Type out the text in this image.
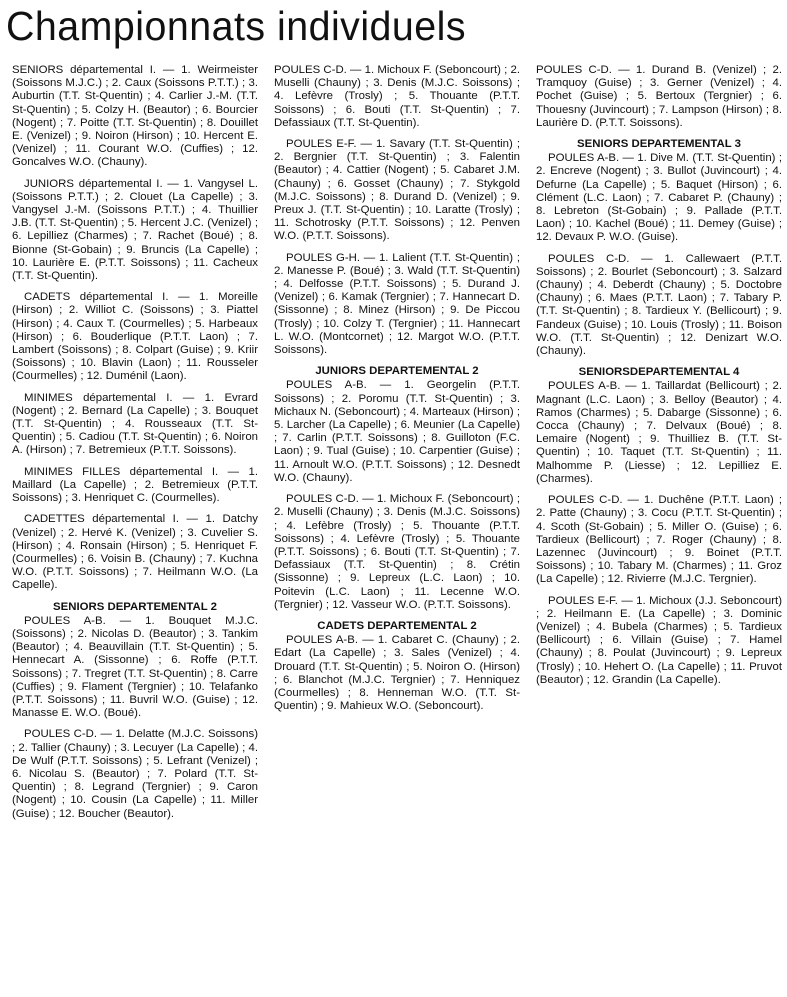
Championnats individuels

SENIORS départemental I. — 1. Weirmeister (Soissons M.J.C.) ; 2. Caux (Soissons P.T.T.) ; 3. Auburtin (T.T. St-Quentin) ; 4. Carlier J.-M. (T.T. St-Quentin) ; 5. Colzy H. (Beautor) ; 6. Bourcier (Nogent) ; 7. Poitte (T.T. St-Quentin) ; 8. Douillet E. (Venizel) ; 9. Noiron (Hirson) ; 10. Hercent E. (Venizel) ; 11. Courant W.O. (Cuffies) ; 12. Goncalves W.O. (Chauny).

JUNIORS départemental I. — 1. Vangysel L. (Soissons P.T.T.) ; 2. Clouet (La Capelle) ; 3. Vangysel J.-M. (Soissons P.T.T.) ; 4. Thuillier J.B. (T.T. St-Quentin) ; 5. Hercent J.C. (Venizel) ; 6. Lepilliez (Charmes) ; 7. Rachet (Boué) ; 8. Bionne (St-Gobain) ; 9. Bruncis (La Capelle) ; 10. Laurière E. (P.T.T. Soissons) ; 11. Cacheux (T.T. St-Quentin).

CADETS départemental I. — 1. Moreille (Hirson) ; 2. Williot C. (Soissons) ; 3. Piattel (Hirson) ; 4. Caux T. (Courmelles) ; 5. Harbeaux (Hirson) ; 6. Bouderlique (P.T.T. Laon) ; 7. Lambert (Soissons) ; 8. Colpart (Guise) ; 9. Kriir (Soissons) ; 10. Blavin (Laon) ; 11. Rousseler (Courmelles) ; 12. Duménil (Laon).

MINIMES départemental I. — 1. Evrard (Nogent) ; 2. Bernard (La Capelle) ; 3. Bouquet (T.T. St-Quentin) ; 4. Rousseaux (T.T. St-Quentin) ; 5. Cadiou (T.T. St-Quentin) ; 6. Noiron A. (Hirson) ; 7. Betremieux (P.T.T. Soissons).

MINIMES FILLES départemental I. — 1. Maillard (La Capelle) ; 2. Betremieux (P.T.T. Soissons) ; 3. Henriquet C. (Courmelles).

CADETTES départemental I. — 1. Datchy (Venizel) ; 2. Hervé K. (Venizel) ; 3. Cuvelier S. (Hirson) ; 4. Ronsain (Hirson) ; 5. Henriquet F. (Courmelles) ; 6. Voisin B. (Chauny) ; 7. Kuchna W.O. (P.T.T. Soissons) ; 7. Heilmann W.O. (La Capelle).

SENIORS DEPARTEMENTAL 2

POULES A-B. — 1. Bouquet M.J.C. (Soissons) ; 2. Nicolas D. (Beautor) ; 3. Tankim (Beautor) ; 4. Beauvillain (T.T. St-Quentin) ; 5. Hennecart A. (Sissonne) ; 6. Roffe (P.T.T. Soissons) ; 7. Tregret (T.T. St-Quentin) ; 8. Carre (Cuffies) ; 9. Flament (Tergnier) ; 10. Telafanko (P.T.T. Soissons) ; 11. Buvril W.O. (Guise) ; 12. Manasse E. W.O. (Boué).

POULES C-D. — 1. Delatte (M.J.C. Soissons) ; 2. Tallier (Chauny) ; 3. Lecuyer (La Capelle) ; 4. De Wulf (P.T.T. Soissons) ; 5. Lefrant (Venizel) ; 6. Nicolau S. (Beautor) ; 7. Polard (T.T. St-Quentin) ; 8. Legrand (Tergnier) ; 9. Caron (Nogent) ; 10. Cousin (La Capelle) ; 11. Miller (Guise) ; 12. Boucher (Beautor).

POULES C-D. — 1. Michoux F. (Seboncourt) ; 2. Muselli (Chauny) ; 3. Denis (M.J.C. Soissons) ; 4. Lefèvre (Trosly) ; 5. Thouante (P.T.T. Soissons) ; 6. Bouti (T.T. St-Quentin) ; 7. Defassiaux (T.T. St-Quentin).

POULES E-F. — 1. Savary (T.T. St-Quentin) ; 2. Bergnier (T.T. St-Quentin) ; 3. Falentin (Beautor) ; 4. Cattier (Nogent) ; 5. Cabaret J.M. (Chauny) ; 6. Gosset (Chauny) ; 7. Stykgold (M.J.C. Soissons) ; 8. Durand D. (Venizel) ; 9. Preux J. (T.T. St-Quentin) ; 10. Laratte (Trosly) ; 11. Schotrosky (P.T.T. Soissons) ; 12. Penven W.O. (P.T.T. Soissons).

POULES G-H. — 1. Lalient (T.T. St-Quentin) ; 2. Manesse P. (Boué) ; 3. Wald (T.T. St-Quentin) ; 4. Delfosse (P.T.T. Soissons) ; 5. Durand J. (Venizel) ; 6. Kamak (Tergnier) ; 7. Hannecart D. (Sissonne) ; 8. Minez (Hirson) ; 9. De Piccou (Trosly) ; 10. Colzy T. (Tergnier) ; 11. Hannecart L. W.O. (Montcornet) ; 12. Margot W.O. (P.T.T. Soissons).

JUNIORS DEPARTEMENTAL 2

POULES A-B. — 1. Georgelin (P.T.T. Soissons) ; 2. Poromu (T.T. St-Quentin) ; 3. Michaux N. (Seboncourt) ; 4. Marteaux (Hirson) ; 5. Larcher (La Capelle) ; 6. Meunier (La Capelle) ; 7. Carlin (P.T.T. Soissons) ; 8. Guilloton (F.C. Laon) ; 9. Tual (Guise) ; 10. Carpentier (Guise) ; 11. Arnoult W.O. (P.T.T. Soissons) ; 12. Desnedt W.O. (Chauny).

POULES C-D. — 1. Michoux F. (Seboncourt) ; 2. Muselli (Chauny) ; 3. Denis (M.J.C. Soissons) ; 4. Lefèbre (Trosly) ; 5. Thouante (P.T.T. Soissons) ; 4. Lefèvre (Trosly) ; 5. Thouante (P.T.T. Soissons) ; 6. Bouti (T.T. St-Quentin) ; 7. Defassiaux (T.T. St-Quentin) ; 8. Crétin (Sissonne) ; 9. Lepreux (L.C. Laon) ; 10. Poitevin (L.C. Laon) ; 11. Lecenne W.O. (Tergnier) ; 12. Vasseur W.O. (P.T.T. Soissons).

CADETS DEPARTEMENTAL 2

POULES A-B. — 1. Cabaret C. (Chauny) ; 2. Edart (La Capelle) ; 3. Sales (Venizel) ; 4. Drouard (T.T. St-Quentin) ; 5. Noiron O. (Hirson) ; 6. Blanchot (M.J.C. Tergnier) ; 7. Henniquez (Courmelles) ; 8. Henneman W.O. (T.T. St-Quentin) ; 9. Mahieux W.O. (Seboncourt).

POULES C-D. — 1. Durand B. (Venizel) ; 2. Tramquoy (Guise) ; 3. Gerner (Venizel) ; 4. Pochet (Guise) ; 5. Bertoux (Tergnier) ; 6. Thouesny (Juvincourt) ; 7. Lampson (Hirson) ; 8. Laurière D. (P.T.T. Soissons).

SENIORS DEPARTEMENTAL 3

POULES A-B. — 1. Dive M. (T.T. St-Quentin) ; 2. Encreve (Nogent) ; 3. Bullot (Juvincourt) ; 4. Defurne (La Capelle) ; 5. Baquet (Hirson) ; 6. Clément (L.C. Laon) ; 7. Cabaret P. (Chauny) ; 8. Lebreton (St-Gobain) ; 9. Pallade (P.T.T. Laon) ; 10. Kachel (Boué) ; 11. Demey (Guise) ; 12. Devaux P. W.O. (Guise).

POULES C-D. — 1. Callewaert (P.T.T. Soissons) ; 2. Bourlet (Seboncourt) ; 3. Salzard (Chauny) ; 4. Deberdt (Chauny) ; 5. Doctobre (Chauny) ; 6. Maes (P.T.T. Laon) ; 7. Tabary P. (T.T. St-Quentin) ; 8. Tardieux Y. (Bellicourt) ; 9. Fandeux (Guise) ; 10. Louis (Trosly) ; 11. Boison W.O. (T.T. St-Quentin) ; 12. Denizart W.O. (Chauny).

SENIORSDEPARTEMENTAL 4

POULES A-B. — 1. Taillardat (Bellicourt) ; 2. Magnant (L.C. Laon) ; 3. Belloy (Beautor) ; 4. Ramos (Charmes) ; 5. Dabarge (Sissonne) ; 6. Cocca (Chauny) ; 7. Delvaux (Boué) ; 8. Lemaire (Nogent) ; 9. Thuilliez B. (T.T. St-Quentin) ; 10. Taquet (T.T. St-Quentin) ; 11. Malhomme P. (Liesse) ; 12. Lepilliez E. (Charmes).

POULES C-D. — 1. Duchêne (P.T.T. Laon) ; 2. Patte (Chauny) ; 3. Cocu (P.T.T. St-Quentin) ; 4. Scoth (St-Gobain) ; 5. Miller O. (Guise) ; 6. Tardieux (Bellicourt) ; 7. Roger (Chauny) ; 8. Lazennec (Juvincourt) ; 9. Boinet (P.T.T. Soissons) ; 10. Tabary M. (Charmes) ; 11. Groz (La Capelle) ; 12. Rivierre (M.J.C. Tergnier).

POULES E-F. — 1. Michoux (J.J. Seboncourt) ; 2. Heilmann E. (La Capelle) ; 3. Dominic (Venizel) ; 4. Bubela (Charmes) ; 5. Tardieux (Bellicourt) ; 6. Villain (Guise) ; 7. Hamel (Chauny) ; 8. Poulat (Juvincourt) ; 9. Lepreux (Trosly) ; 10. Hehert O. (La Capelle) ; 11. Pruvot (Beautor) ; 12. Grandin (La Capelle).
